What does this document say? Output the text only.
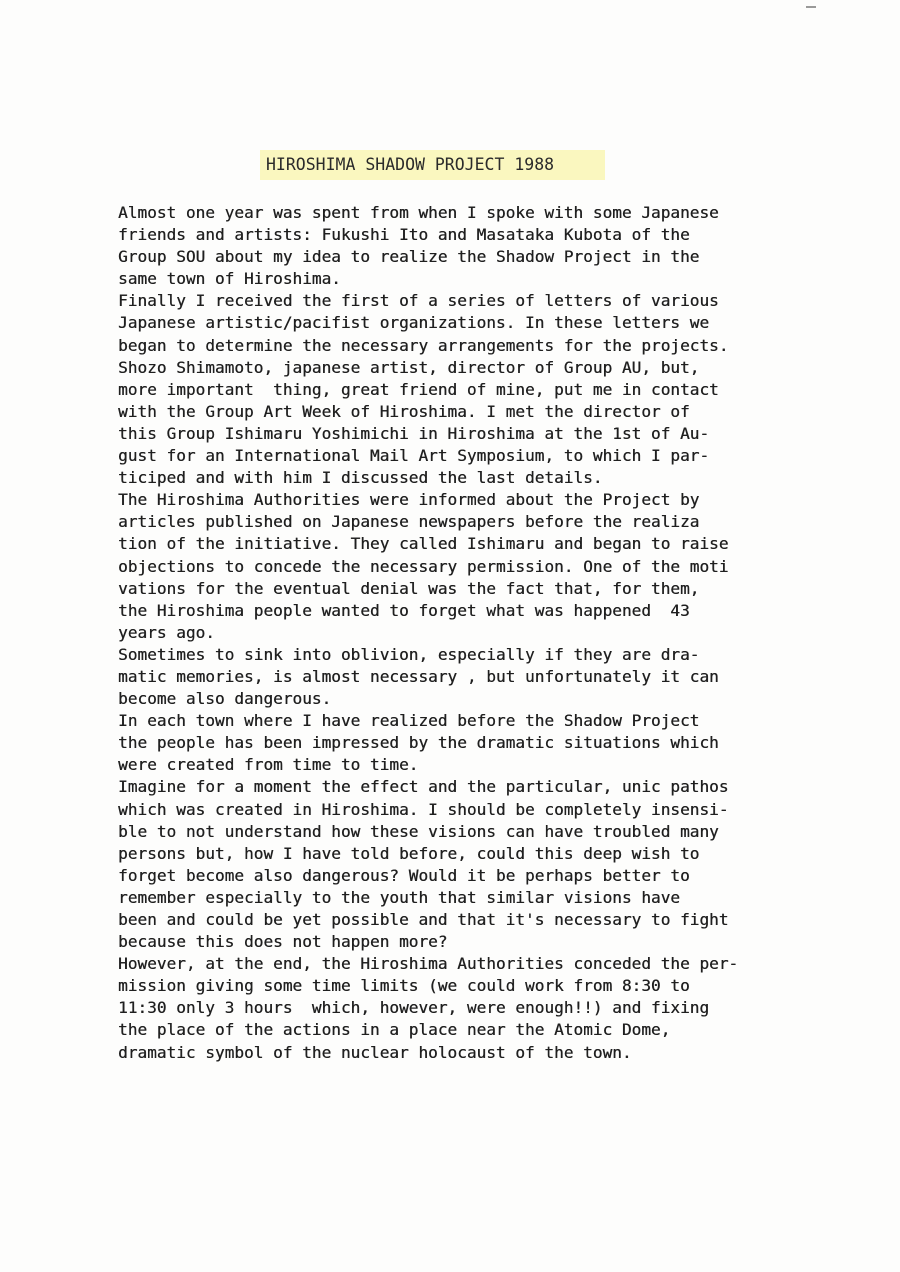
HIROSHIMA SHADOW PROJECT 1988
Almost one year was spent from when I spoke with some Japanese
friends and artists: Fukushi Ito and Masataka Kubota of the
Group SOU about my idea to realize the Shadow Project in the
same town of Hiroshima.
Finally I received the first of a series of letters of various
Japanese artistic/pacifist organizations. In these letters we
began to determine the necessary arrangements for the projects.
Shozo Shimamoto, japanese artist, director of Group AU, but,
more important  thing, great friend of mine, put me in contact
with the Group Art Week of Hiroshima. I met the director of
this Group Ishimaru Yoshimichi in Hiroshima at the 1st of Au-
gust for an International Mail Art Symposium, to which I par-
ticiped and with him I discussed the last details.
The Hiroshima Authorities were informed about the Project by
articles published on Japanese newspapers before the realiza
tion of the initiative. They called Ishimaru and began to raise
objections to concede the necessary permission. One of the moti
vations for the eventual denial was the fact that, for them,
the Hiroshima people wanted to forget what was happened  43
years ago.
Sometimes to sink into oblivion, especially if they are dra-
matic memories, is almost necessary , but unfortunately it can
become also dangerous.
In each town where I have realized before the Shadow Project
the people has been impressed by the dramatic situations which
were created from time to time.
Imagine for a moment the effect and the particular, unic pathos
which was created in Hiroshima. I should be completely insensi-
ble to not understand how these visions can have troubled many
persons but, how I have told before, could this deep wish to
forget become also dangerous? Would it be perhaps better to
remember especially to the youth that similar visions have
been and could be yet possible and that it's necessary to fight
because this does not happen more?
However, at the end, the Hiroshima Authorities conceded the per-
mission giving some time limits (we could work from 8:30 to
11:30 only 3 hours  which, however, were enough!!) and fixing
the place of the actions in a place near the Atomic Dome,
dramatic symbol of the nuclear holocaust of the town.
